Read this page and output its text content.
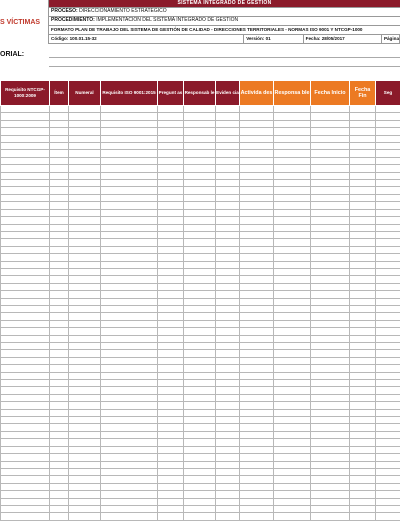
S VÍCTIMAS
SISTEMA INTEGRADO DE GESTIÓN
PROCESO: DIRECCIONAMIENTO ESTRATÉGICO
PROCEDIMIENTO: IMPLEMENTACIÓN DEL SISTEMA INTEGRADO DE GESTIÓN
FORMATO PLAN DE TRABAJO DEL SISTEMA DE GESTIÓN DE CALIDAD - DIRECCIONES TERRITORIALES - NORMAS ISO 9001 Y NTCGP-1000
Código: 100.01.15-32	Versión: 01	Fecha: 28/05/2017	Página
ORIAL:
Requisito NTCGP-1000:2009	Ítem	Numeral	Requisito ISO 9001:2015	Pregunt as	Responsab le	Eviden cia	Activida des	Responsa ble	Fecha Inicio	Fecha Fin	Seg
